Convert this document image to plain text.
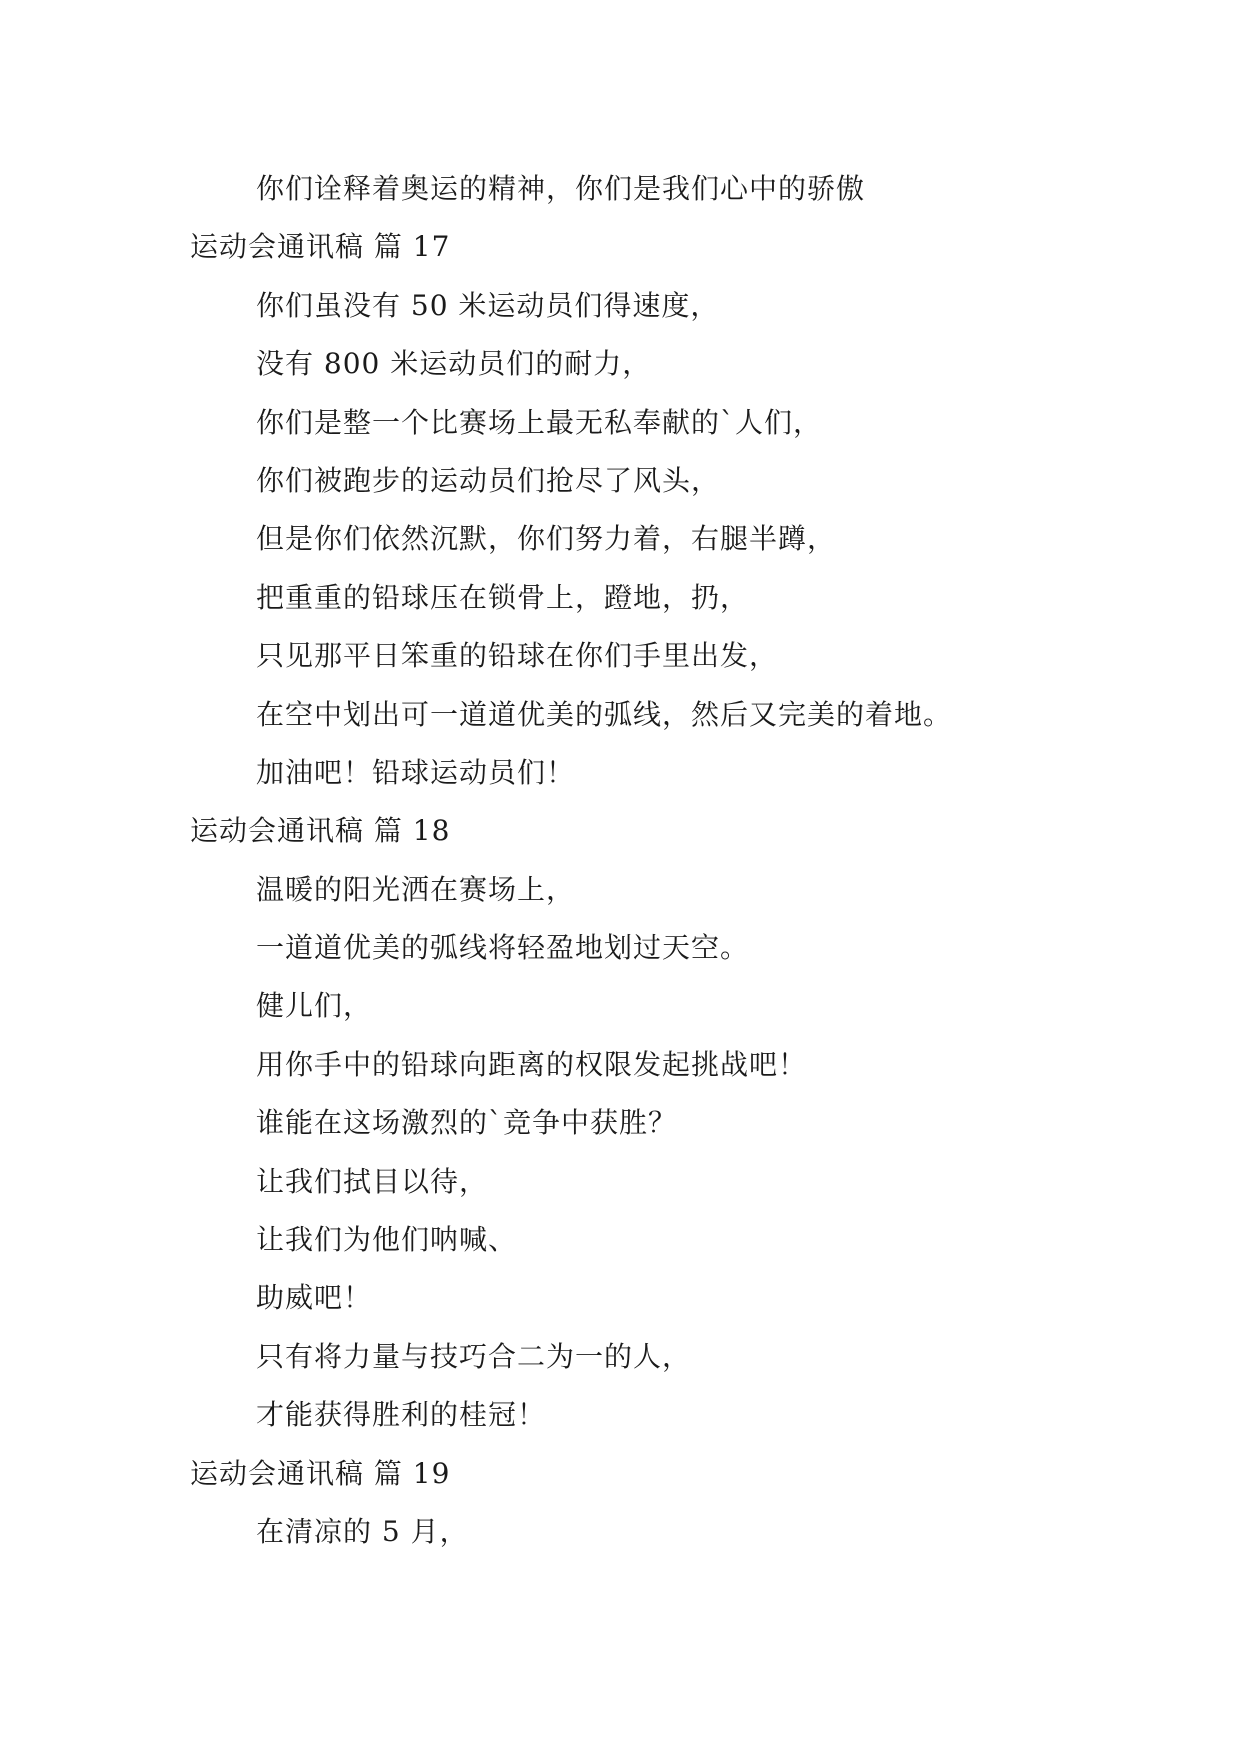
你们诠释着奥运的精神，你们是我们心中的骄傲
运动会通讯稿 篇 17
你们虽没有 50 米运动员们得速度，
没有 800 米运动员们的耐力，
你们是整一个比赛场上最无私奉献的`人们，
你们被跑步的运动员们抢尽了风头，
但是你们依然沉默，你们努力着，右腿半蹲，
把重重的铅球压在锁骨上，蹬地，扔，
只见那平日笨重的铅球在你们手里出发，
在空中划出可一道道优美的弧线，然后又完美的着地。
加油吧！铅球运动员们！
运动会通讯稿 篇 18
温暖的阳光洒在赛场上，
一道道优美的弧线将轻盈地划过天空。
健儿们，
用你手中的铅球向距离的权限发起挑战吧！
谁能在这场激烈的`竞争中获胜？
让我们拭目以待，
让我们为他们呐喊、
助威吧！
只有将力量与技巧合二为一的人，
才能获得胜利的桂冠！
运动会通讯稿 篇 19
在清凉的 5 月，
